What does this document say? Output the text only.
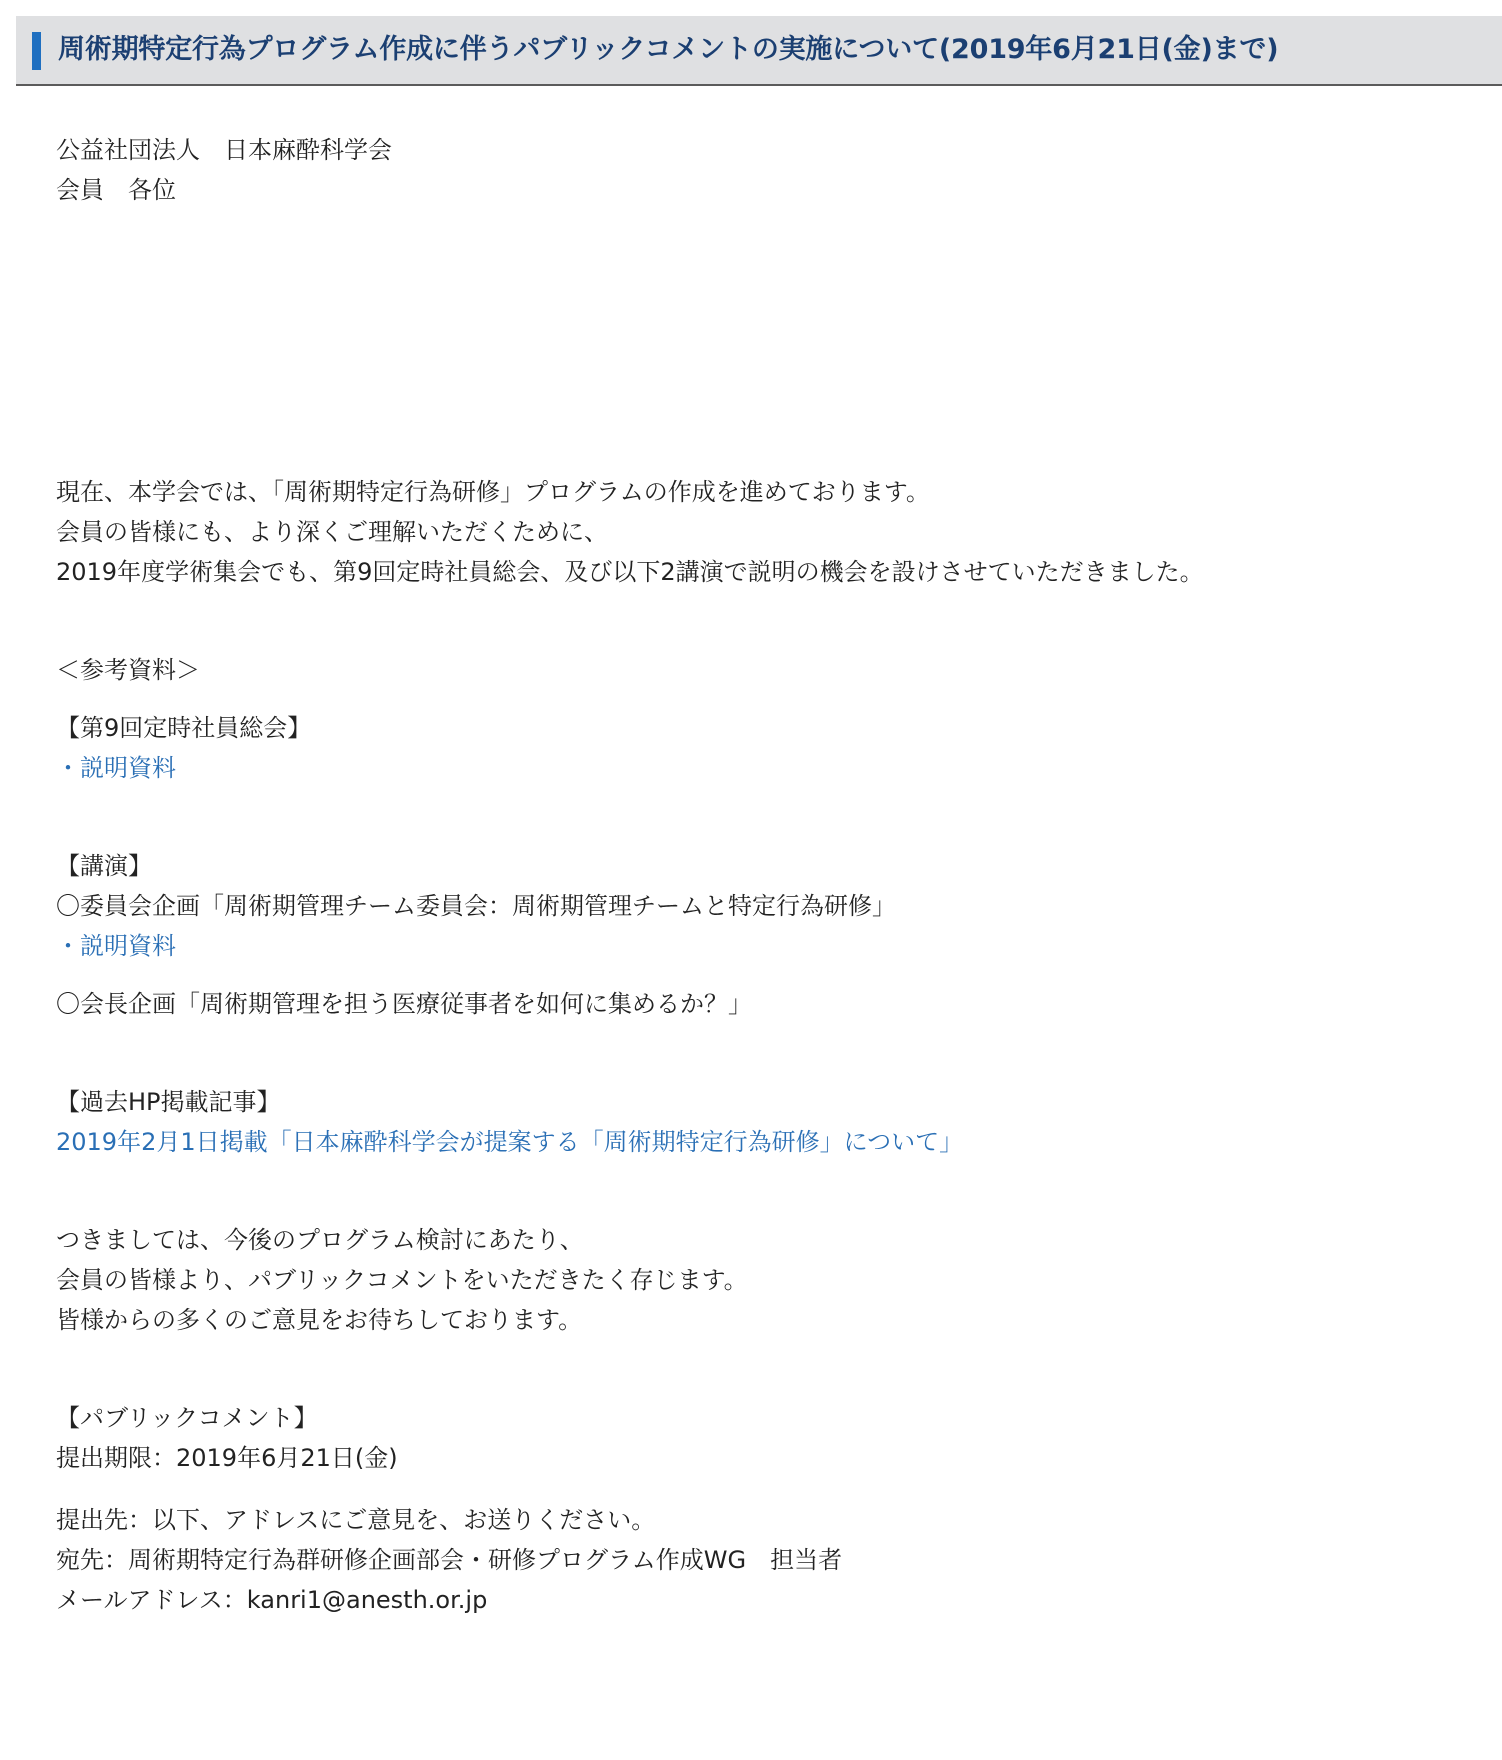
周術期特定行為プログラム作成に伴うパブリックコメントの実施について(2019年6月21日(金)まで)
公益社団法人　日本麻酔科学会
会員　各位
現在、本学会では、「周術期特定行為研修」プログラムの作成を進めております。
会員の皆様にも、より深くご理解いただくために、
2019年度学術集会でも、第9回定時社員総会、及び以下2講演で説明の機会を設けさせていただきました。
＜参考資料＞
【第9回定時社員総会】
・説明資料
【講演】
〇委員会企画「周術期管理チーム委員会：周術期管理チームと特定行為研修」
・説明資料
〇会長企画「周術期管理を担う医療従事者を如何に集めるか？」
【過去HP掲載記事】
2019年2月1日掲載「日本麻酔科学会が提案する「周術期特定行為研修」について」
つきましては、今後のプログラム検討にあたり、
会員の皆様より、パブリックコメントをいただきたく存じます。
皆様からの多くのご意見をお待ちしております。
【パブリックコメント】
提出期限：2019年6月21日(金)
提出先：以下、アドレスにご意見を、お送りください。
宛先：周術期特定行為群研修企画部会・研修プログラム作成WG　担当者
メールアドレス：kanri1@anesth.or.jp
